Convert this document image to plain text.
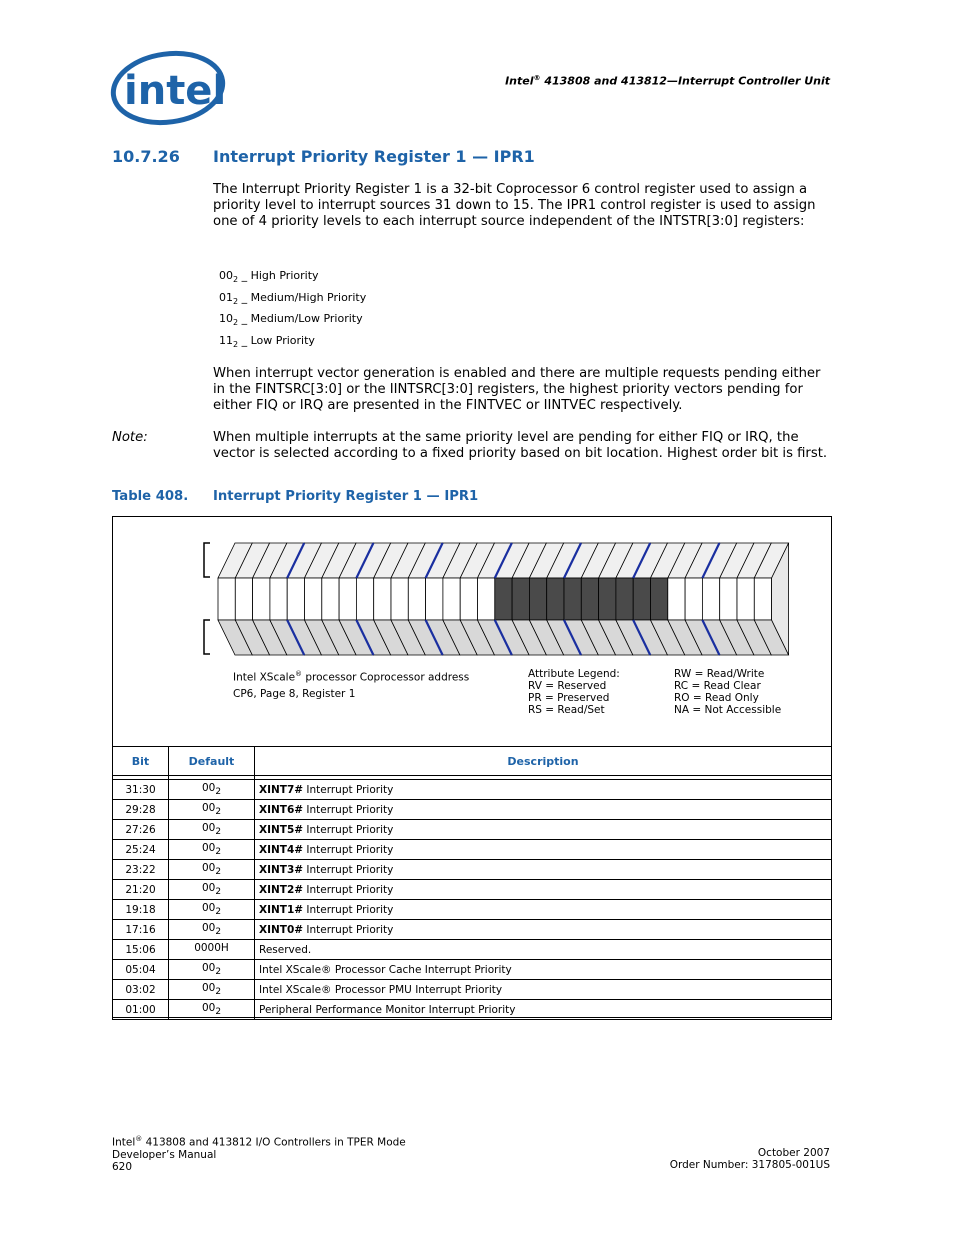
intel	Intel® 413808 and 413812—Interrupt Controller Unit
10.7.26 Interrupt Priority Register 1 — IPR1
The Interrupt Priority Register 1 is a 32-bit Coprocessor 6 control register used to assign a priority level to interrupt sources 31 down to 15. The IPR1 control register is used to assign one of 4 priority levels to each interrupt source independent of the INTSTR[3:0] registers:
$00_2$ _ High Priority
$01_2$ _ Medium/High Priority
$10_2$ _ Medium/Low Priority
$11_2$ _ Low Priority
When interrupt vector generation is enabled and there are multiple requests pending either in the FINTSRC[3:0] or the IINTSRC[3:0] registers, the highest priority vectors pending for either FIQ or IRQ are presented in the FINTVEC or IINTVEC respectively.
Note:	When multiple interrupts at the same priority level are pending for either FIQ or IRQ, the vector is selected according to a fixed priority based on bit location. Highest order bit is first.
Table 408. Interrupt Priority Register 1 — IPR1
Intel XScale® processor Coprocessor address
CP6, Page 8, Register 1
Attribute Legend:
RV = Reserved
PR = Preserved
RS = Read/Set
RW = Read/Write
RC = Read Clear
RO = Read Only
NA = Not Accessible
Bit	Default	Description

31:30	$00_2$	XINT7# Interrupt Priority
29:28	$00_2$	XINT6# Interrupt Priority
27:26	$00_2$	XINT5# Interrupt Priority
25:24	$00_2$	XINT4# Interrupt Priority
23:22	$00_2$	XINT3# Interrupt Priority
21:20	$00_2$	XINT2# Interrupt Priority
19:18	$00_2$	XINT1# Interrupt Priority
17:16	$00_2$	XINT0# Interrupt Priority
15:06	0000H	Reserved.
05:04	$00_2$	Intel XScale® Processor Cache Interrupt Priority
03:02	$00_2$	Intel XScale® Processor PMU Interrupt Priority
01:00	$00_2$	Peripheral Performance Monitor Interrupt Priority
Intel® 413808 and 413812 I/O Controllers in TPER Mode
Developer’s Manual
620
October 2007
Order Number: 317805-001US
